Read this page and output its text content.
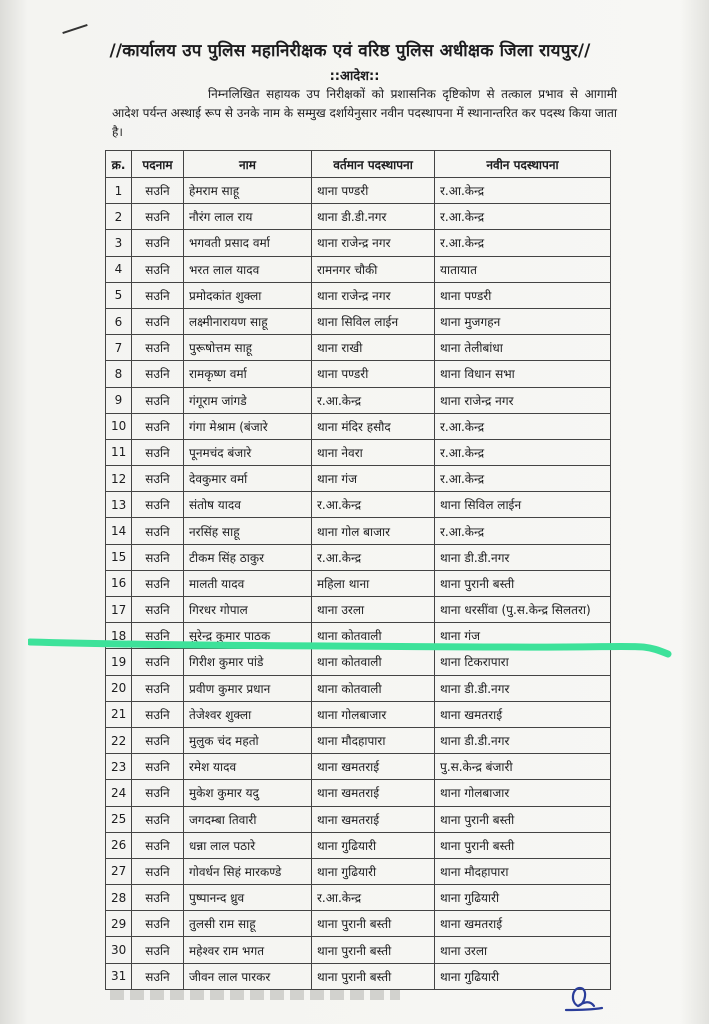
//कार्यालय उप पुलिस महानिरीक्षक एवं वरिष्ठ पुलिस अधीक्षक जिला रायपुर//
::आदेश::
निम्नलिखित सहायक उप निरीक्षकों को प्रशासनिक दृष्टिकोण से तत्काल प्रभाव से आगामी आदेश पर्यन्त अस्थाई रूप से उनके नाम के सम्मुख दर्शायेनुसार नवीन पदस्थापना में स्थानान्तरित कर पदस्थ किया जाता है।
क्र.	पदनाम	नाम	वर्तमान पदस्थापना	नवीन पदस्थापना
1	सउनि	हेमराम साहू	थाना पण्डरी	र.आ.केन्द्र
2	सउनि	नौरंग लाल राय	थाना डी.डी.नगर	र.आ.केन्द्र
3	सउनि	भगवती प्रसाद वर्मा	थाना राजेन्द्र नगर	र.आ.केन्द्र
4	सउनि	भरत लाल यादव	रामनगर चौकी	यातायात
5	सउनि	प्रमोदकांत शुक्ला	थाना राजेन्द्र नगर	थाना पण्डरी
6	सउनि	लक्ष्मीनारायण साहू	थाना सिविल लाईन	थाना मुजगहन
7	सउनि	पुरूषोत्तम साहू	थाना राखी	थाना तेलीबांधा
8	सउनि	रामकृष्ण वर्मा	थाना पण्डरी	थाना विधान सभा
9	सउनि	गंगूराम जांगडे	र.आ.केन्द्र	थाना राजेन्द्र नगर
10	सउनि	गंगा मेश्राम (बंजारे	थाना मंदिर हसौद	र.आ.केन्द्र
11	सउनि	पूनमचंद बंजारे	थाना नेवरा	र.आ.केन्द्र
12	सउनि	देवकुमार वर्मा	थाना गंज	र.आ.केन्द्र
13	सउनि	संतोष यादव	र.आ.केन्द्र	थाना सिविल लाईन
14	सउनि	नरसिंह साहू	थाना गोल बाजार	र.आ.केन्द्र
15	सउनि	टीकम सिंह ठाकुर	र.आ.केन्द्र	थाना डी.डी.नगर
16	सउनि	मालती यादव	महिला थाना	थाना पुरानी बस्ती
17	सउनि	गिरधर गोपाल	थाना उरला	थाना धरसींवा (पु.स.केन्द्र सिलतरा)
18	सउनि	सुरेन्द्र कुमार पाठक	थाना कोतवाली	थाना गंज
19	सउनि	गिरीश कुमार पांडे	थाना कोतवाली	थाना टिकरापारा
20	सउनि	प्रवीण कुमार प्रधान	थाना कोतवाली	थाना डी.डी.नगर
21	सउनि	तेजेश्वर शुक्ला	थाना गोलबाजार	थाना खमतराई
22	सउनि	मुलुक चंद महतो	थाना मौदहापारा	थाना डी.डी.नगर
23	सउनि	रमेश यादव	थाना खमतराई	पु.स.केन्द्र बंजारी
24	सउनि	मुकेश कुमार यदु	थाना खमतराई	थाना गोलबाजार
25	सउनि	जगदम्बा तिवारी	थाना खमतराई	थाना पुरानी बस्ती
26	सउनि	धन्ना लाल पठारे	थाना गुढियारी	थाना पुरानी बस्ती
27	सउनि	गोवर्धन सिहं मारकण्डे	थाना गुढियारी	थाना मौदहापारा
28	सउनि	पुष्पानन्द ध्रुव	र.आ.केन्द्र	थाना गुढियारी
29	सउनि	तुलसी राम साहू	थाना पुरानी बस्ती	थाना खमतराई
30	सउनि	महेश्वर राम भगत	थाना पुरानी बस्ती	थाना उरला
31	सउनि	जीवन लाल पारकर	थाना पुरानी बस्ती	थाना गुढियारी
